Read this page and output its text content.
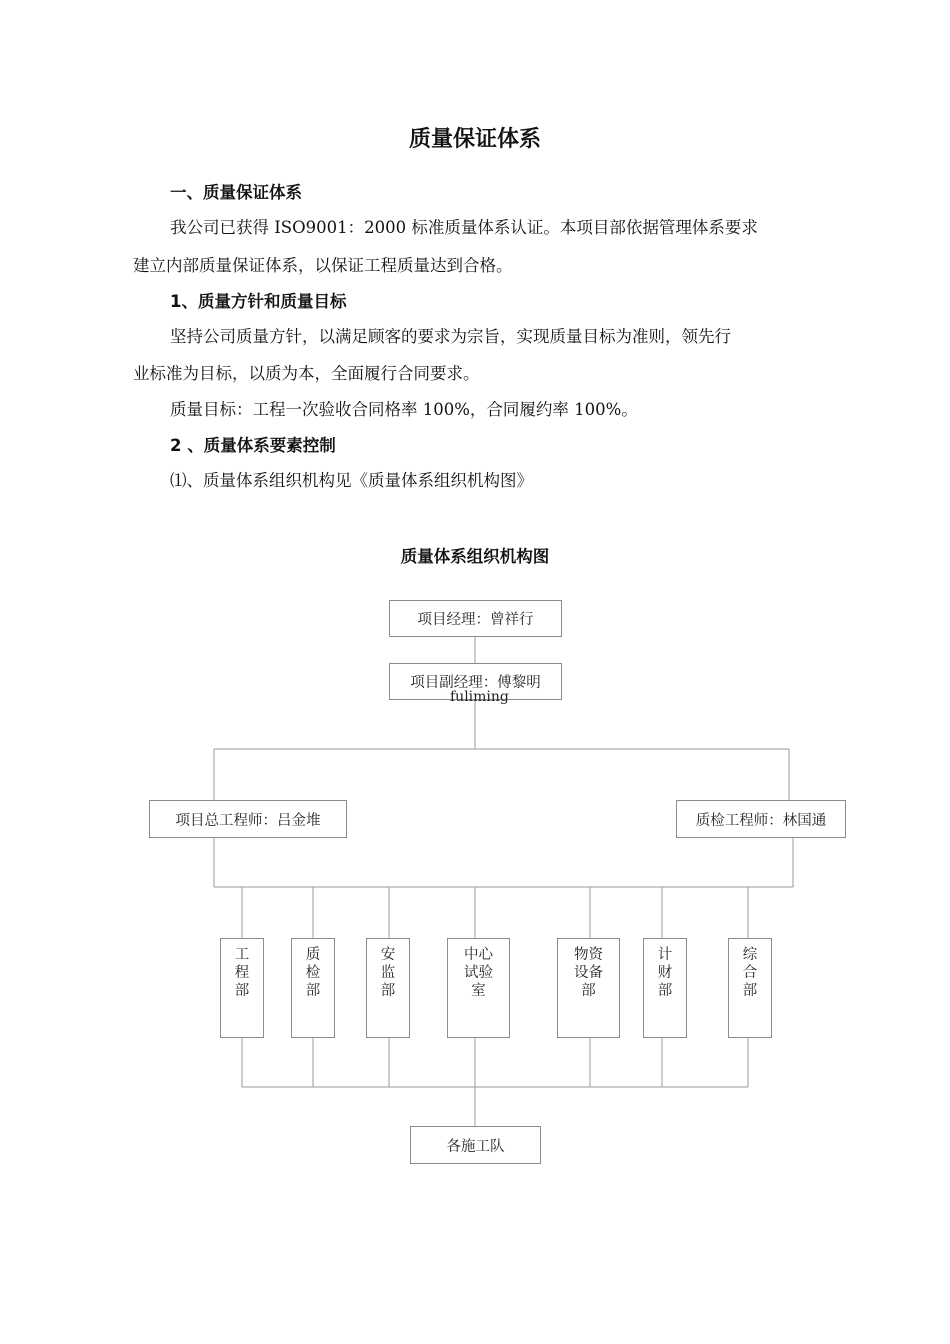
质量保证体系
一、质量保证体系
我公司已获得 ISO9001：2000 标准质量体系认证。本项目部依据管理体系要求
建立内部质量保证体系，以保证工程质量达到合格。
1、质量方针和质量目标
坚持公司质量方针，以满足顾客的要求为宗旨，实现质量目标为准则，领先行
业标准为目标，以质为本，全面履行合同要求。
质量目标：工程一次验收合同格率 100%，合同履约率 100%。
2 、质量体系要素控制
⑴、质量体系组织机构见《质量体系组织机构图》
质量体系组织机构图
项目经理：曾祥行
项目副经理：傅黎明
fuliming
项目总工程师：吕金堆	质检工程师：林国通
工
程
部
质
检
部
安
监
部
中心
试验
室
物资
设备
部
计
财
部
综
合
部
各施工队
